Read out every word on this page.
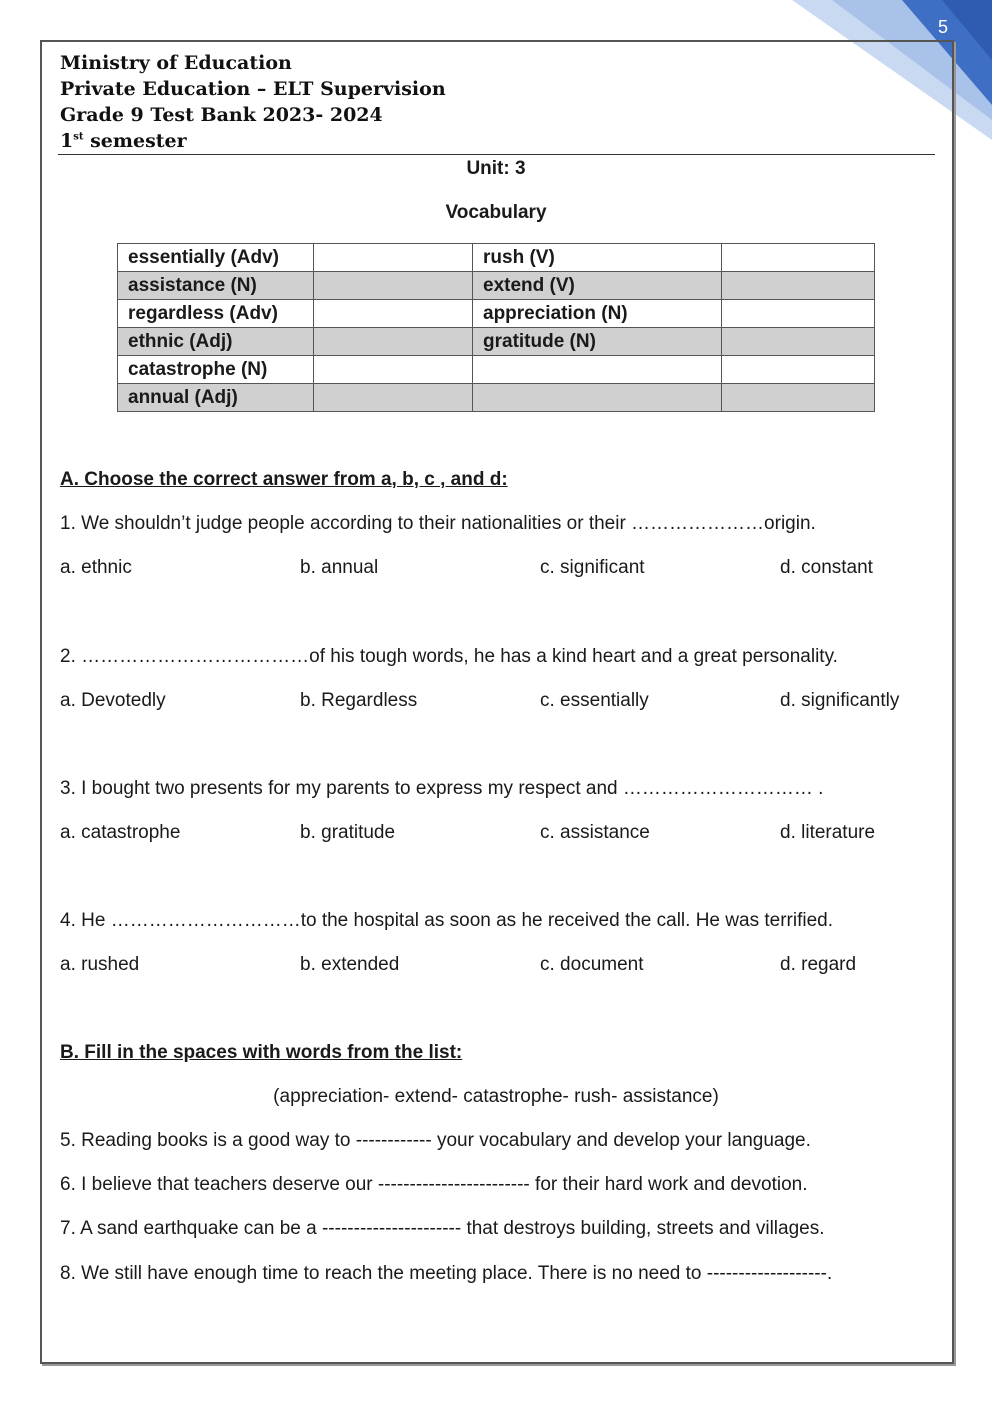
5
Ministry of Education
Private Education – ELT Supervision
Grade 9 Test Bank 2023- 2024
1st semester
Unit: 3
Vocabulary
essentially (Adv)		rush (V)	
assistance (N)		extend (V)	
regardless (Adv)		appreciation (N)	
ethnic (Adj)		gratitude (N)	
catastrophe (N)			
annual (Adj)			
A. Choose the correct answer from a, b, c , and d:
1. We shouldn’t judge people according to their nationalities or their …………………origin.
a. ethnic	b. annual	c. significant	d. constant
2. ………………………………of his tough words, he has a kind heart and a great personality.
a. Devotedly	b. Regardless	c. essentially	d. significantly
3. I bought two presents for my parents to express my respect and ………………………… .
a. catastrophe	b. gratitude	c. assistance	d. literature
4. He …………………………to the hospital as soon as he received the call. He was terrified.
a. rushed	b. extended	c. document	d. regard
B. Fill in the spaces with words from the list:
(appreciation- extend- catastrophe- rush- assistance)
5. Reading books is a good way to ------------ your vocabulary and develop your language.
6. I believe that teachers deserve our ------------------------ for their hard work and devotion.
7. A sand earthquake can be a ---------------------- that destroys building, streets and villages.
8. We still have enough time to reach the meeting place. There is no need to -------------------.
